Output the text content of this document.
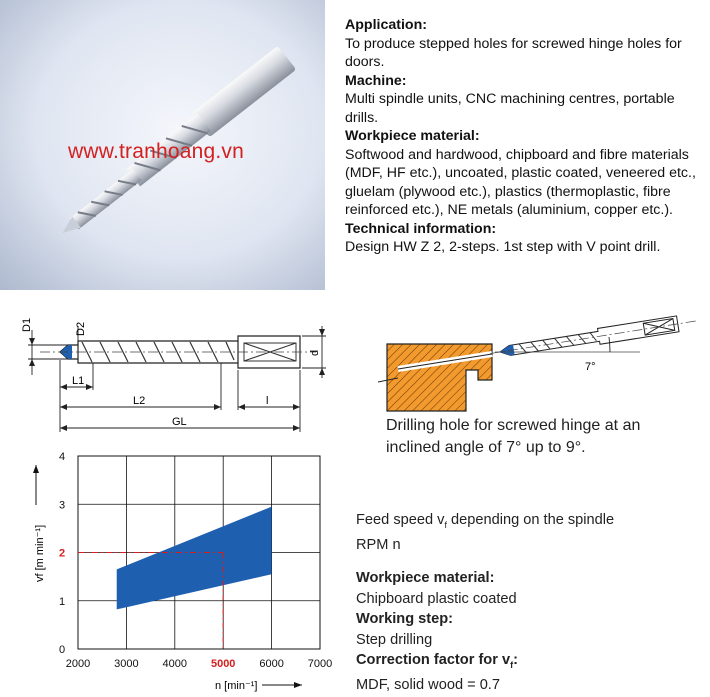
www.tranhoang.vn
Application:
To produce stepped holes for screwed hinge holes for doors.
Machine:
Multi spindle units, CNC machining centres, portable drills.
Workpiece material:
Softwood and hardwood, chipboard and fibre materials (MDF, HF etc.), uncoated, plastic coated, veneered etc., gluelam (plywood etc.), plastics (thermoplastic, fibre reinforced etc.), NE metals (aluminium, copper etc.).
Technical information:
Design HW Z 2, 2-steps. 1st step with V point drill.
D1	D2
L1
L2
GL
l
d
7°
Drilling hole for screwed hinge at an
inclined angle of 7° up to 9°.
2000 3000 4000 5000 6000 7000
0
1
2
3
4
n [min⁻¹]
vf [m min⁻¹]
Feed speed $v_f$ depending on the spindle
RPM n
Workpiece material:
Chipboard plastic coated
Working step:
Step drilling
Correction factor for $v_f$:
MDF, solid wood = 0.7
